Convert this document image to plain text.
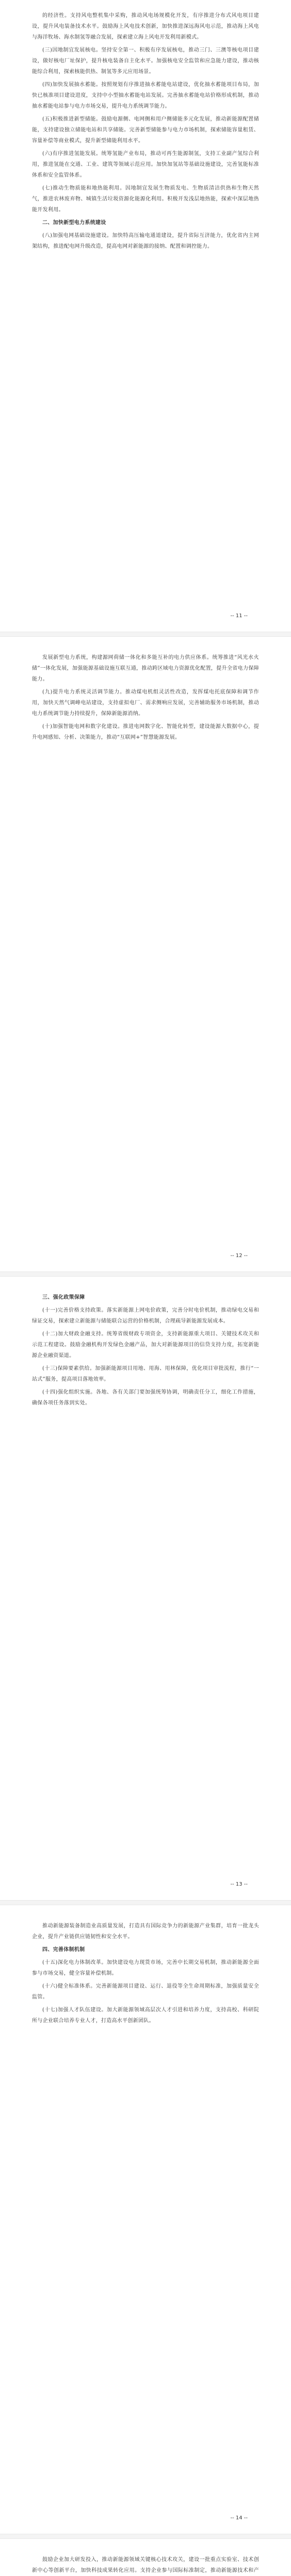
的经济性。支持风电整机集中采购，推动风电场规模化开发，有序推进分布式风电项目建设，提升风电装备技术水平。鼓励海上风电技术创新，加快推进深远海风电示范，推动海上风电与海洋牧场、海水制氢等融合发展，探索建立海上风电开发利用新模式。

(三)因地制宜发展核电。坚持安全第一、积极有序发展核电，推动三门、三澳等核电项目建设，做好核电厂址保护，提升核电装备自主化水平。加强核电安全监管和应急能力建设，推动核能综合利用，探索核能供热、制氢等多元应用场景。

(四)加快发展抽水蓄能。按照规划有序推进抽水蓄能电站建设，优化抽水蓄能项目布局，加快已核准项目建设进度，支持中小型抽水蓄能电站发展。完善抽水蓄能电站价格形成机制，推动抽水蓄能电站参与电力市场交易，提升电力系统调节能力。

(五)积极推进新型储能。鼓励电源侧、电网侧和用户侧储能多元化发展，推动新能源配置储能，支持建设独立储能电站和共享储能。完善新型储能参与电力市场机制，探索储能容量租赁、容量补偿等商业模式，提升新型储能利用水平。

(六)有序推进氢能发展。统筹氢能产业布局，推动可再生能源制氢，支持工业副产氢综合利用，推进氢能在交通、工业、建筑等领域示范应用。加快加氢站等基础设施建设，完善氢能标准体系和安全监管体系。

(七)推动生物质能和地热能利用。因地制宜发展生物质发电、生物质清洁供热和生物天然气，推进农林废弃物、城镇生活垃圾资源化能源化利用。积极开发浅层地热能，探索中深层地热能开发利用。

二、加快新型电力系统建设

(八)加强电网基础设施建设。加快特高压输电通道建设，提升省际互济能力，优化省内主网架结构，推进配电网升级改造，提高电网对新能源的接纳、配置和调控能力。

-- 11 --

发展新型电力系统，构建源网荷储一体化和多能互补的电力供应体系。统筹推进“风光水火储”一体化发展，加强能源基础设施互联互通，推动跨区域电力资源优化配置，提升全省电力保障能力。

(九)提升电力系统灵活调节能力。推动煤电机组灵活性改造，发挥煤电托底保障和调节作用，加快天然气调峰电站建设，支持虚拟电厂、需求侧响应发展，完善辅助服务市场机制，推动电力系统调节能力持续提升，保障新能源消纳。

(十)加强智能电网和数字化建设。推进电网数字化、智能化转型，建设能源大数据中心，提升电网感知、分析、决策能力，推动“互联网+”智慧能源发展。

-- 12 --

三、强化政策保障

(十一)完善价格支持政策。落实新能源上网电价政策，完善分时电价机制，推动绿电交易和绿证交易，探索建立新能源与储能联合运营的价格机制，合理疏导新能源发展成本。

(十二)加大财政金融支持。统筹省级财政专项资金，支持新能源重大项目、关键技术攻关和示范工程建设。鼓励金融机构开发绿色金融产品，加大对新能源项目的信贷支持力度，拓宽新能源企业融资渠道。

(十三)保障要素供给。加强新能源项目用地、用海、用林保障，优化项目审批流程，推行“一站式”服务，提高项目落地效率。

(十四)强化组织实施。各地、各有关部门要加强统筹协调，明确责任分工，细化工作措施，确保各项任务落到实处。

-- 13 --

推动新能源装备制造业高质量发展，打造具有国际竞争力的新能源产业集群，培育一批龙头企业，提升产业链供应链韧性和安全水平。

四、完善体制机制

(十五)深化电力体制改革。加快建设电力现货市场，完善中长期交易机制，推动新能源全面参与市场交易，健全容量补偿机制。

(十六)健全标准体系。完善新能源项目建设、运行、退役等全生命周期标准，加强质量安全监管。

(十七)加强人才队伍建设。加大新能源领域高层次人才引进和培养力度，支持高校、科研院所与企业联合培养专业人才，打造高水平创新团队。

-- 14 --

鼓励企业加大研发投入，推动新能源领域关键核心技术攻关，建设一批重点实验室、技术创新中心等创新平台，加快科技成果转化应用。支持企业参与国际标准制定，推动新能源技术和产
